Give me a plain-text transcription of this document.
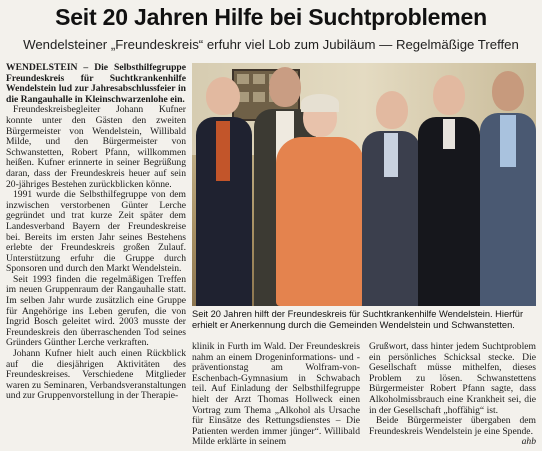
Seit 20 Jahren Hilfe bei Suchtproblemen
Wendelsteiner „Freundeskreis“ erfuhr viel Lob zum Jubiläum — Regelmäßige Treffen

WENDELSTEIN – Die Selbsthilfegruppe Freundeskreis für Suchtkrankenhilfe Wendelstein lud zur Jahresabschlussfeier in die Rangauhalle in Kleinschwarzenlohe ein.

Freundeskreisbegleiter Johann Kufner konnte unter den Gästen den zweiten Bürgermeister von Wendelstein, Willibald Milde, und den Bürgermeister von Schwanstetten, Robert Pfann, willkommen heißen. Kufner erinnerte in seiner Begrüßung daran, dass der Freundeskreis heuer auf sein 20-jähriges Bestehen zurückblicken könne.

1991 wurde die Selbsthilfegruppe von dem inzwischen verstorbenen Günter Lerche gegründet und trat kurze Zeit später dem Landesverband Bayern der Freundeskreise bei. Bereits im ersten Jahr seines Bestehens erlebte der Freundeskreis großen Zulauf. Unterstützung erfuhr die Gruppe durch Sponsoren und durch den Markt Wendelstein.

Seit 1993 finden die regelmäßigen Treffen im neuen Gruppenraum der Rangauhalle statt. Im selben Jahr wurde zusätzlich eine Gruppe für Angehörige ins Leben gerufen, die von Ingrid Bosch geleitet wird. 2003 musste der Freundeskreis den überraschenden Tod seines Gründers Günther Lerche verkraften.

Johann Kufner hielt auch einen Rückblick auf die diesjährigen Aktivitäten des Freundeskreises. Verschiedene Mitglieder waren zu Seminaren, Verbandsveranstaltungen und zur Gruppenvorstellung in der Therapie-

Seit 20 Jahren hilft der Freundeskreis für Suchtkrankenhilfe Wendelstein. Hierfür erhielt er Anerkennung durch die Gemeinden Wendelstein und Schwanstetten.

klinik in Furth im Wald. Der Freundeskreis nahm an einem Drogeninformations- und -präventionstag am Wolfram-von-Eschenbach-Gymnasium in Schwabach teil. Auf Einladung der Selbsthilfegruppe hielt der Arzt Thomas Hollweck einen Vortrag zum Thema „Alkohol als Ursache für Einsätze des Rettungsdienstes – Die Patienten werden immer jünger“. Willibald Milde erklärte in seinem

Grußwort, dass hinter jedem Suchtproblem ein persönliches Schicksal stecke. Die Gesellschaft müsse mithelfen, dieses Problem zu lösen. Schwanstettens Bürgermeister Robert Pfann sagte, dass Alkoholmissbrauch eine Krankheit sei, die in der Gesellschaft „hoffähig“ ist.

Beide Bürgermeister übergaben dem Freundeskreis Wendelstein je eine Spende.

ahb
